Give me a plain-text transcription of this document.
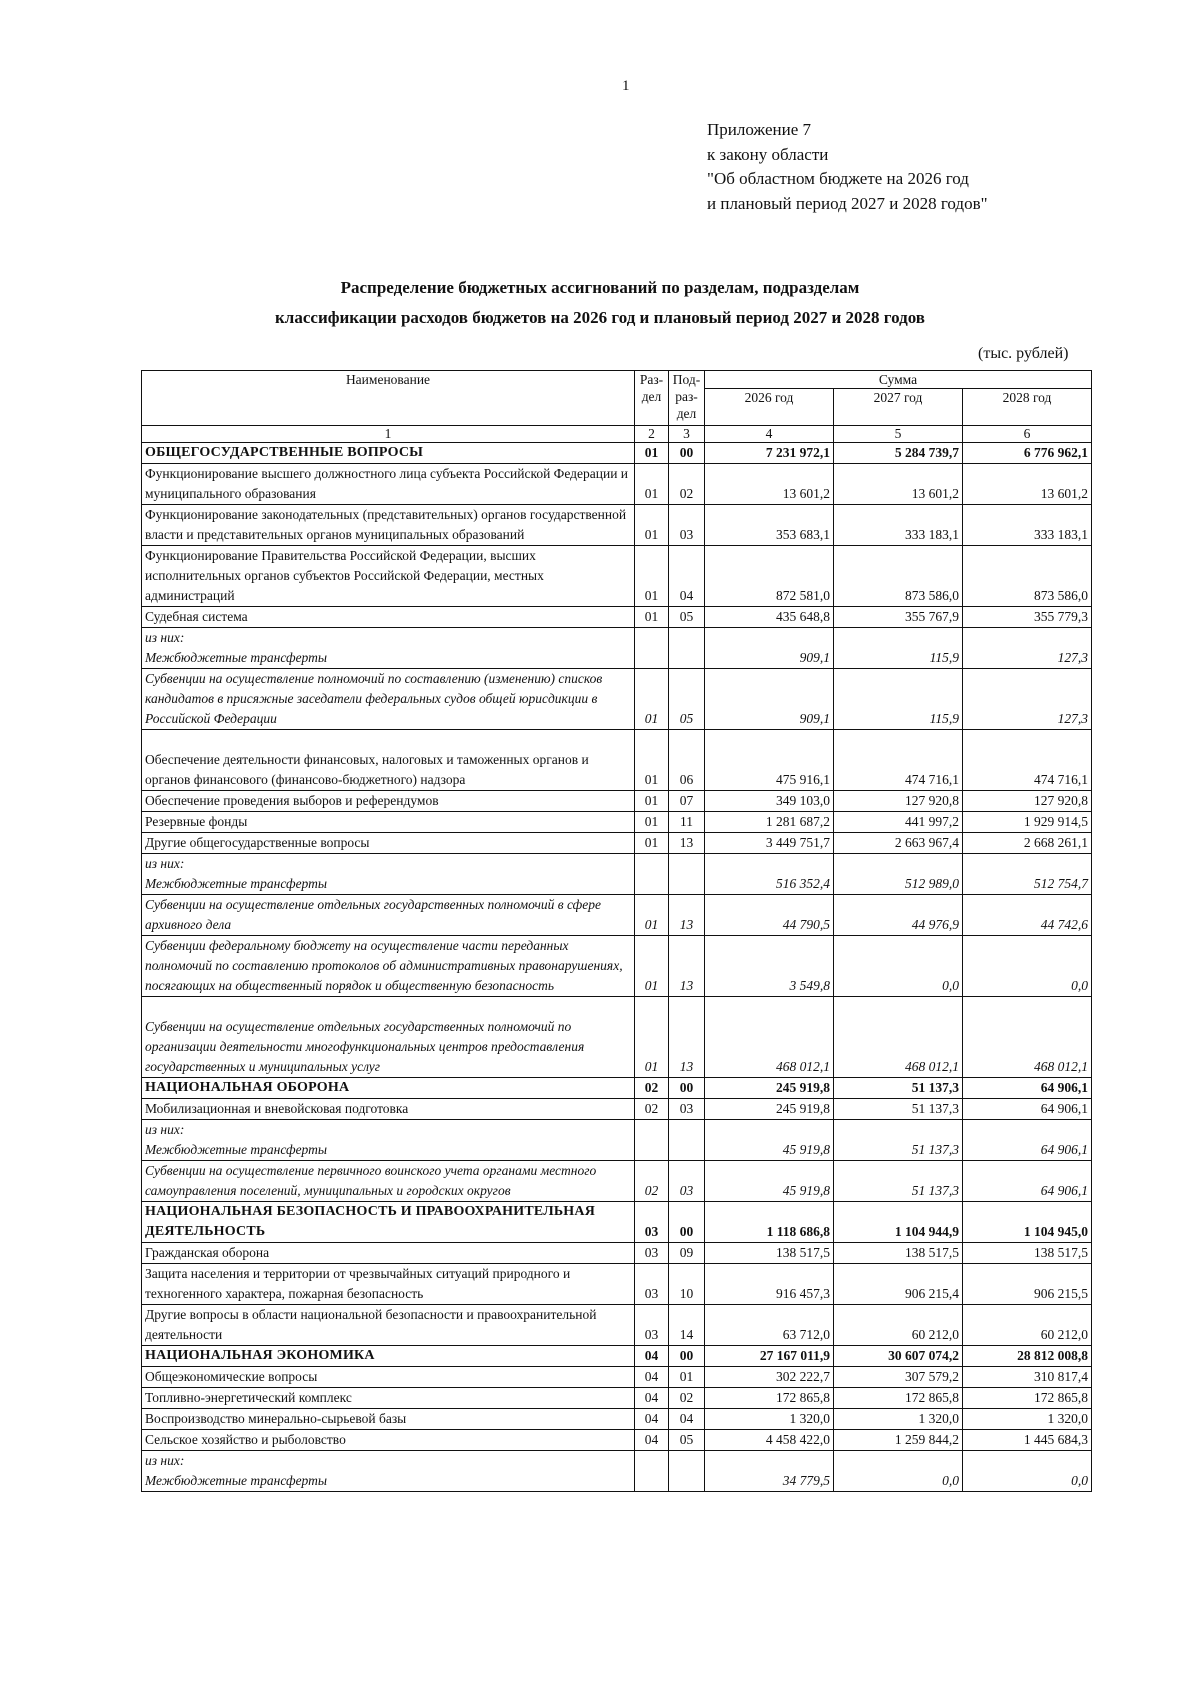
1
Приложение 7
к закону области
"Об областном бюджете на 2026 год
и плановый период 2027 и 2028 годов"
Распределение бюджетных ассигнований по разделам, подразделам
классификации расходов бюджетов на 2026 год и плановый период 2027 и 2028 годов
(тыс. рублей)
Наименование	Раз-дел	Под-раз-дел	Сумма		
			2026 год	2027 год	2028 год
1	2	3	4	5	6
ОБЩЕГОСУДАРСТВЕННЫЕ ВОПРОСЫ	01	00	7 231 972,1	5 284 739,7	6 776 962,1
Функционирование высшего должностного лица субъекта Российской Федерации и муниципального образования	01	02	13 601,2	13 601,2	13 601,2
Функционирование законодательных (представительных) органов государственной власти и представительных органов муниципальных образований	01	03	353 683,1	333 183,1	333 183,1
Функционирование Правительства Российской Федерации, высших исполнительных органов субъектов Российской Федерации, местных администраций	01	04	872 581,0	873 586,0	873 586,0
Судебная система	01	05	435 648,8	355 767,9	355 779,3
из них:
Межбюджетные трансферты			909,1	115,9	127,3
Субвенции на осуществление полномочий по составлению (изменению) списков кандидатов в присяжные заседатели федеральных судов общей юрисдикции в Российской Федерации	01	05	909,1	115,9	127,3
Обеспечение деятельности финансовых, налоговых и таможенных органов и органов финансового (финансово-бюджетного) надзора	01	06	475 916,1	474 716,1	474 716,1
Обеспечение проведения выборов и референдумов	01	07	349 103,0	127 920,8	127 920,8
Резервные фонды	01	11	1 281 687,2	441 997,2	1 929 914,5
Другие общегосударственные вопросы	01	13	3 449 751,7	2 663 967,4	2 668 261,1
из них:
Межбюджетные трансферты			516 352,4	512 989,0	512 754,7
Субвенции на осуществление отдельных государственных полномочий в сфере архивного дела	01	13	44 790,5	44 976,9	44 742,6
Субвенции федеральному бюджету на осуществление части переданных полномочий по составлению протоколов об административных правонарушениях, посягающих на общественный порядок и общественную безопасность	01	13	3 549,8	0,0	0,0
Субвенции на осуществление отдельных государственных полномочий по организации деятельности многофункциональных центров предоставления государственных и муниципальных услуг	01	13	468 012,1	468 012,1	468 012,1
НАЦИОНАЛЬНАЯ ОБОРОНА	02	00	245 919,8	51 137,3	64 906,1
Мобилизационная и вневойсковая подготовка	02	03	245 919,8	51 137,3	64 906,1
из них:
Межбюджетные трансферты			45 919,8	51 137,3	64 906,1
Субвенции на осуществление первичного воинского учета органами местного самоуправления поселений, муниципальных и городских округов	02	03	45 919,8	51 137,3	64 906,1
НАЦИОНАЛЬНАЯ БЕЗОПАСНОСТЬ И ПРАВООХРАНИТЕЛЬНАЯ ДЕЯТЕЛЬНОСТЬ	03	00	1 118 686,8	1 104 944,9	1 104 945,0
Гражданская оборона	03	09	138 517,5	138 517,5	138 517,5
Защита населения и территории от чрезвычайных ситуаций природного и техногенного характера, пожарная безопасность	03	10	916 457,3	906 215,4	906 215,5
Другие вопросы в области национальной безопасности и правоохранительной деятельности	03	14	63 712,0	60 212,0	60 212,0
НАЦИОНАЛЬНАЯ ЭКОНОМИКА	04	00	27 167 011,9	30 607 074,2	28 812 008,8
Общеэкономические вопросы	04	01	302 222,7	307 579,2	310 817,4
Топливно-энергетический комплекс	04	02	172 865,8	172 865,8	172 865,8
Воспроизводство минерально-сырьевой базы	04	04	1 320,0	1 320,0	1 320,0
Сельское хозяйство и рыболовство	04	05	4 458 422,0	1 259 844,2	1 445 684,3
из них:
Межбюджетные трансферты			34 779,5	0,0	0,0
